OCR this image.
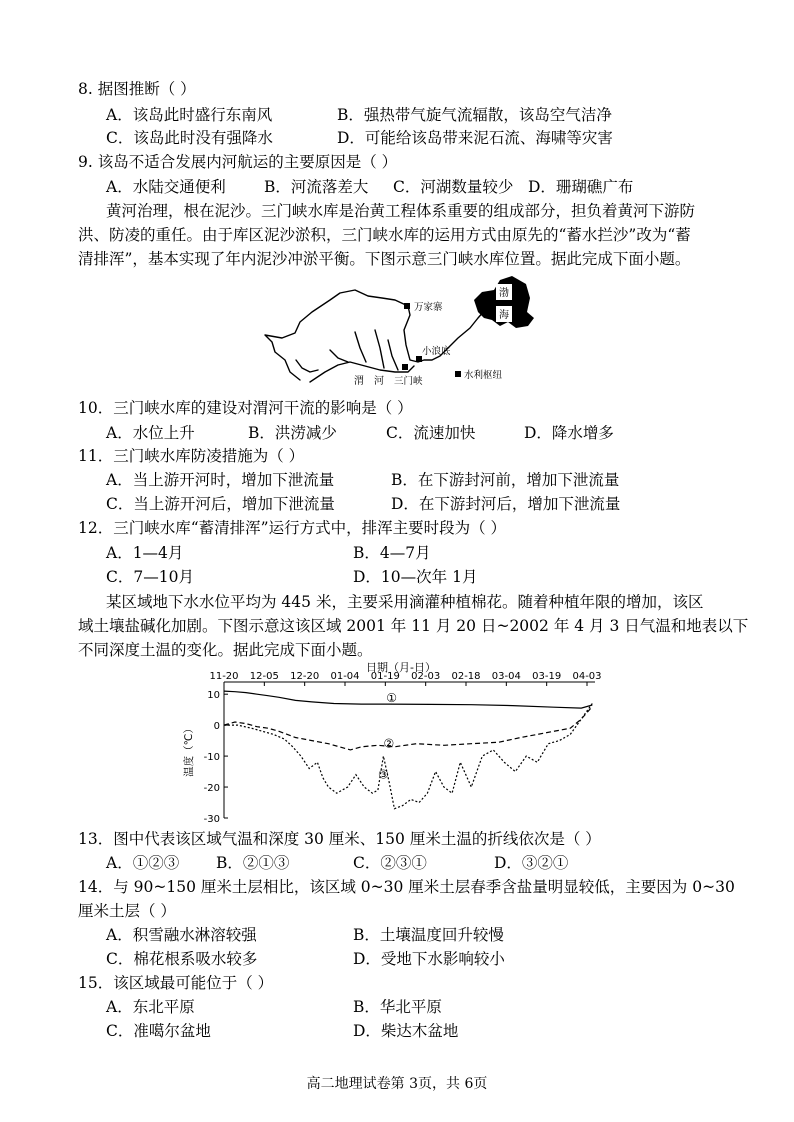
8. 据图推断（ ）
A．该岛此时盛行东南风	B．强热带气旋气流辐散，该岛空气洁净
C．该岛此时没有强降水	D．可能给该岛带来泥石流、海啸等灾害
9. 该岛不适合发展内河航运的主要原因是（ ）
A．水陆交通便利 B．河流落差大 C．河湖数量较少 D．珊瑚礁广布
黄河治理，根在泥沙。三门峡水库是治黄工程体系重要的组成部分，担负着黄河下游防
洪、防凌的重任。由于库区泥沙淤积，三门峡水库的运用方式由原先的“蓄水拦沙”改为“蓄
清排浑”，基本实现了年内泥沙冲淤平衡。下图示意三门峡水库位置。据此完成下面小题。
渤
海
万家寨
小浪底
渭 河 三门峡
水利枢纽
10．三门峡水库的建设对渭河干流的影响是（ ）
A．水位上升	B．洪涝减少	C．流速加快	D．降水增多
11．三门峡水库防凌措施为（ ）
A．当上游开河时，增加下泄流量	B．在下游封河前，增加下泄流量
C．当上游开河后，增加下泄流量	D．在下游封河后，增加下泄流量
12．三门峡水库“蓄清排浑”运行方式中，排浑主要时段为（ ）
A．1—4月	B．4—7月
C．7—10月	D．10—次年 1月
某区域地下水水位平均为 445 米，主要采用滴灌种植棉花。随着种植年限的增加，该区
域土壤盐碱化加剧。下图示意这该区域 2001 年 11 月 20 日~2002 年 4 月 3 日气温和地表以下
不同深度土温的变化。据此完成下面小题。
日期（月-日）
11-20 12-05 12-20 01-04 01-19 02-03 02-18 03-04 03-19 04-03
10
0
-10
-20
-30
温度（℃）
①
②
③
13．图中代表该区域气温和深度 30 厘米、150 厘米土温的折线依次是（ ）
A．①②③ B．②①③	C．②③①	D．③②①
14．与 90~150 厘米土层相比，该区域 0~30 厘米土层春季含盐量明显较低，主要因为 0~30
厘米土层（ ）
A．积雪融水淋溶较强	B．土壤温度回升较慢
C．棉花根系吸水较多	D．受地下水影响较小
15．该区域最可能位于（ ）
A．东北平原	B．华北平原
C．准噶尔盆地	D．柴达木盆地
高二地理试卷第 3页，共 6页
